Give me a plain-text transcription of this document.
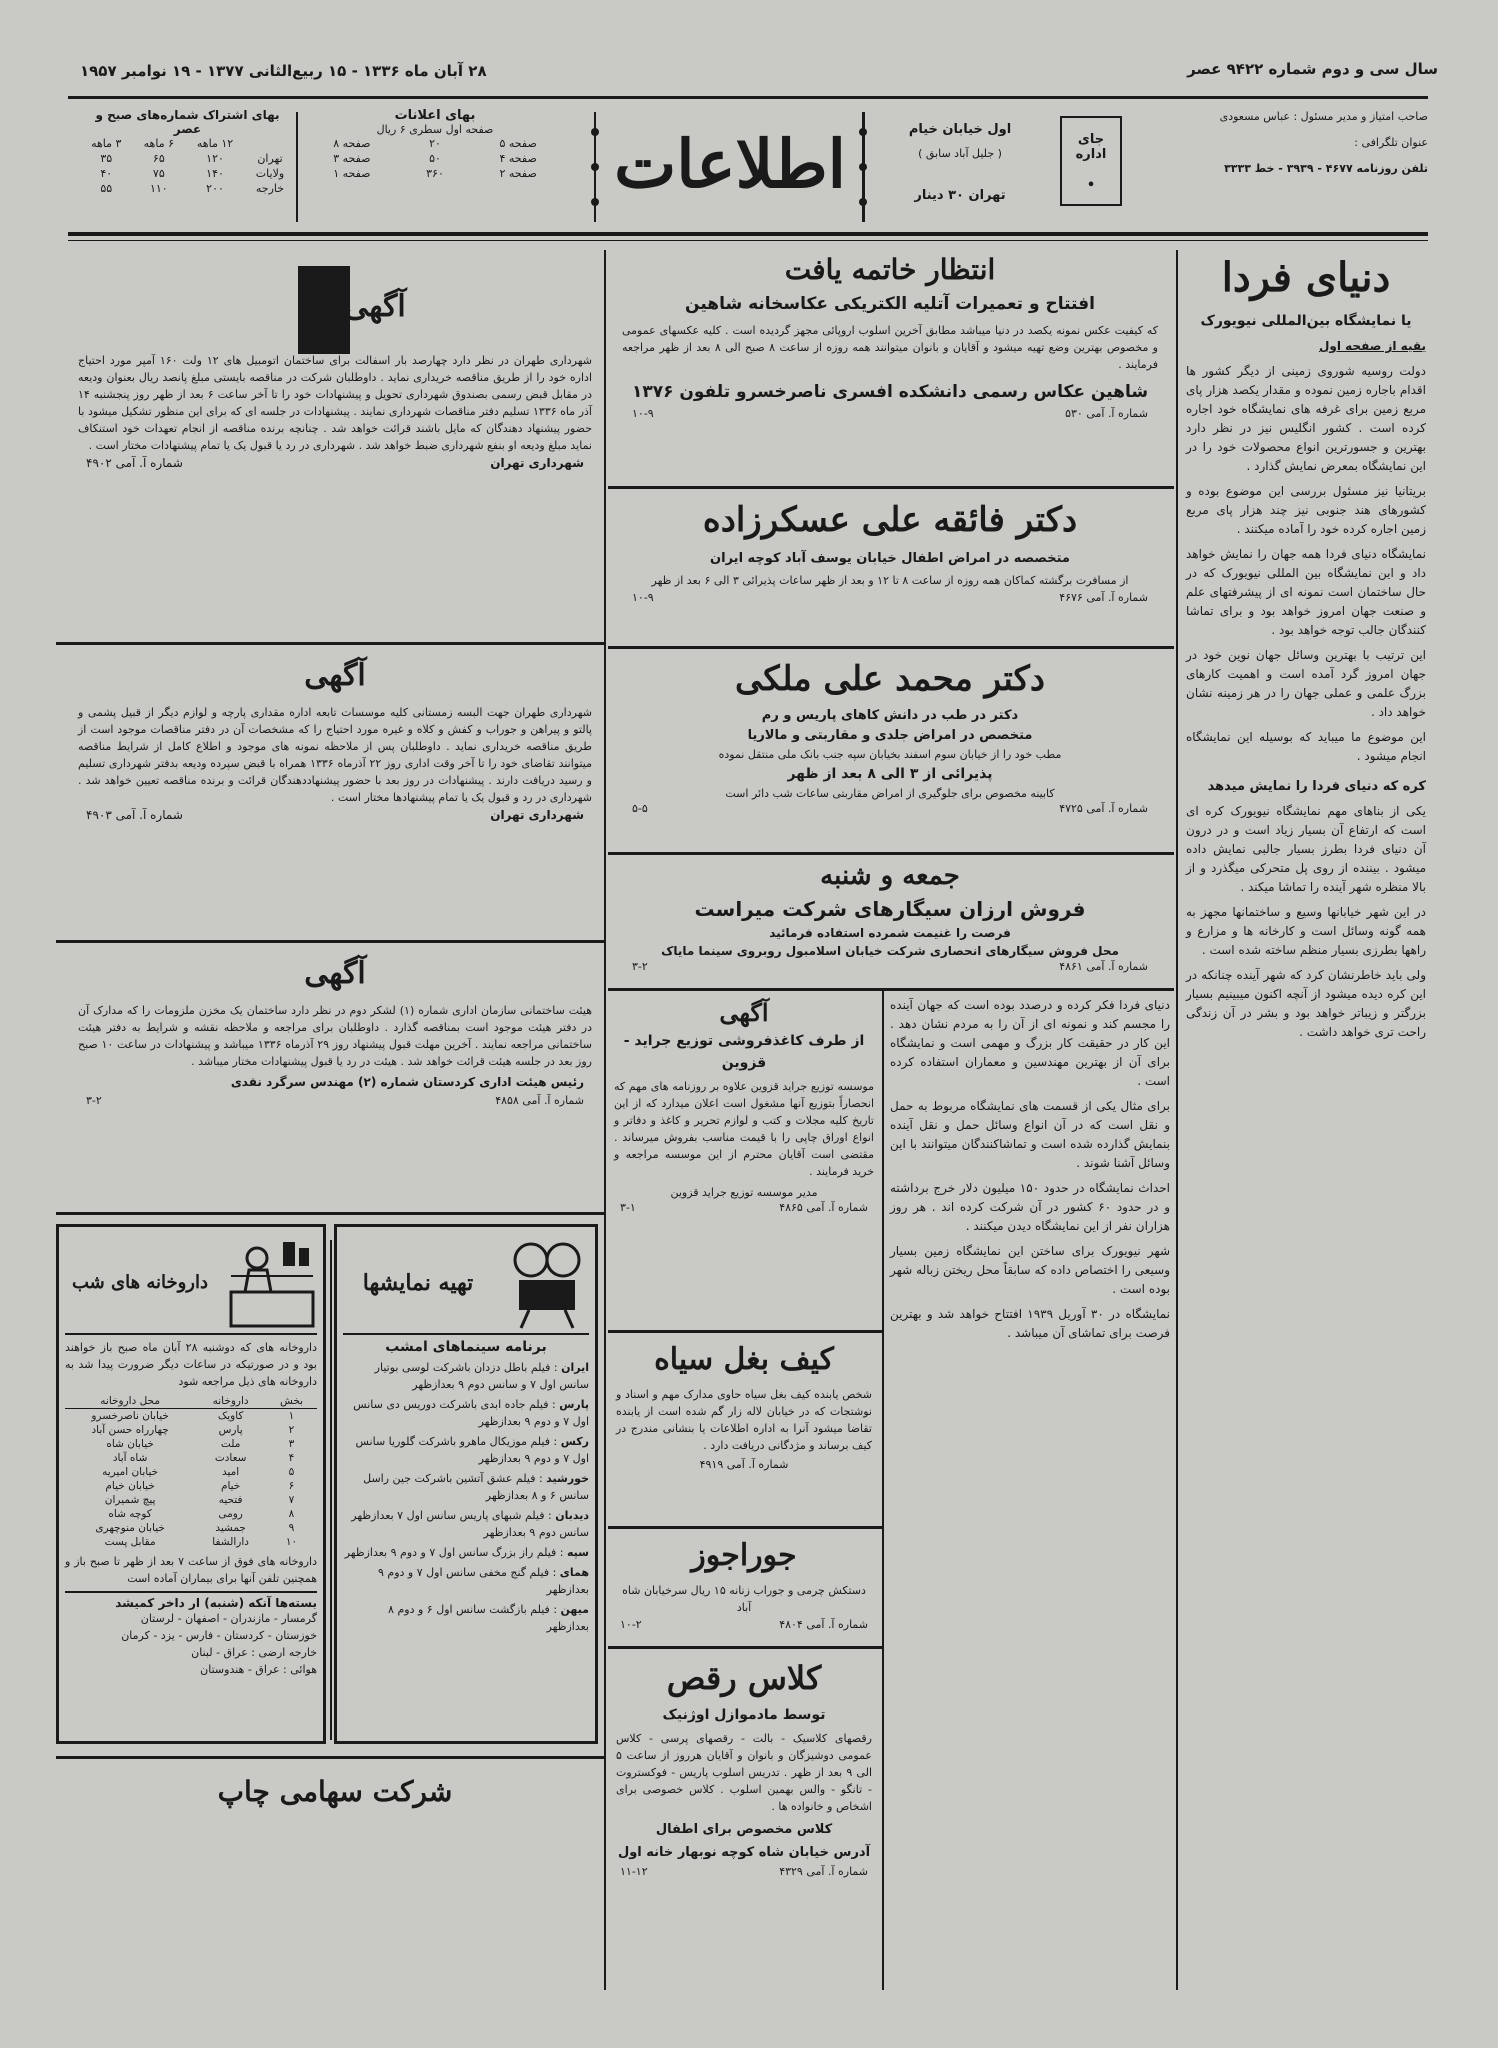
۲۸ آبان ماه ۱۳۳۶ - ۱۵ ربیع‌الثانی ۱۳۷۷ - ۱۹ نوامبر ۱۹۵۷	سال سی و دوم شماره ۹۴۲۲ عصر
صاحب امتیاز و مدیر مسئول : عباس مسعودی
عنوان تلگرافی :
تلفن روزنامه ۴۶۷۷ - ۳۹۳۹ - خط ۳۳۳۳
جای اداره
•
اول خیابان خیام
( جلیل آباد سابق )
تهران ۳۰ دینار
اطلاعات
بهای اعلانات
صفحه اول سطری ۶ ریال
صفحه ۵	۲۰	صفحه ۸
صفحه ۴	۵۰	صفحه ۳
صفحه ۲	۳۶۰	صفحه ۱
بهای اشتراک شماره‌های صبح و عصر
	۱۲ ماهه	۶ ماهه	۳ ماهه
تهران	۱۲۰	۶۵	۳۵
ولایات	۱۴۰	۷۵	۴۰
خارجه	۲۰۰	۱۱۰	۵۵
دنیای فردا
یا نمایشگاه بین‌المللی نیویورک
بقیه از صفحه اول

دولت روسیه شوروی زمینی از دیگر کشور ها اقدام باجاره زمین نموده و مقدار یکصد هزار پای مربع زمین برای غرفه های نمایشگاه خود اجاره کرده است . کشور انگلیس نیز در نظر دارد بهترین و جسورترین انواع محصولات خود را در این نمایشگاه بمعرض نمایش گذارد .

بریتانیا نیز مسئول بررسی این موضوع بوده و کشورهای هند جنوبی نیز چند هزار پای مربع زمین اجاره کرده خود را آماده میکنند .

نمایشگاه دنیای فردا همه جهان را نمایش خواهد داد و این نمایشگاه بین المللی نیویورک که در حال ساختمان است نمونه ای از پیشرفتهای علم و صنعت جهان امروز خواهد بود و برای تماشا کنندگان جالب توجه خواهد بود .

این ترتیب با بهترین وسائل جهان نوین خود در جهان امروز گرد آمده است و اهمیت کارهای بزرگ علمی و عملی جهان را در هر زمینه نشان خواهد داد .

این موضوع ما میباید که بوسیله این نمایشگاه انجام میشود .

کره که دنیای فردا را نمایش میدهد

یکی از بناهای مهم نمایشگاه نیویورک کره ای است که ارتفاع آن بسیار زیاد است و در درون آن دنیای فردا بطرز بسیار جالبی نمایش داده میشود . بیننده از روی پل متحرکی میگذرد و از بالا منظره شهر آینده را تماشا میکند .

در این شهر خیابانها وسیع و ساختمانها مجهز به همه گونه وسائل است و کارخانه ها و مزارع و راهها بطرزی بسیار منظم ساخته شده است .

ولی باید خاطرنشان کرد که شهر آینده چنانکه در این کره دیده میشود از آنچه اکنون میبینیم بسیار بزرگتر و زیباتر خواهد بود و بشر در آن زندگی راحت تری خواهد داشت .

انتظار خاتمه یافت
افتتاح و تعمیرات آتلیه الکتریکی عکاسخانه شاهین

که کیفیت عکس نمونه یکصد در دنیا میباشد مطابق آخرین اسلوب اروپائی مجهز گردیده است . کلیه عکسهای عمومی و مخصوص بهترین وضع تهیه میشود و آقایان و بانوان میتوانند همه روزه از ساعت ۸ صبح الی ۸ بعد از ظهر مراجعه فرمایند .

شاهین عکاس رسمی دانشکده افسری ناصرخسرو تلفون ۱۳۷۶
شماره آ. آمی ۵۳۰
۱۰-۹
دکتر فائقه علی عسکرزاده
متخصصه در امراض اطفال خیابان یوسف آباد کوچه ایران

از مسافرت برگشته کماکان همه روزه از ساعت ۸ تا ۱۲ و بعد از ظهر ساعات پذیرائی ۳ الی ۶ بعد از ظهر

شماره آ. آمی ۴۶۷۶
۱۰-۹
دکتر محمد علی ملکی
دکتر در طب در دانش کاهای پاریس و رم
متخصص در امراض جلدی و مقاربتی و مالاریا
مطب خود را از خیابان سوم اسفند بخیابان سپه جنب بانک ملی منتقل نموده
پذیرائی از ۳ الی ۸ بعد از ظهر
کابینه مخصوص برای جلوگیری از امراض مقاربتی ساعات شب دائر است
شماره آ. آمی ۴۷۲۵
۵-۵
جمعه و شنبه
فروش ارزان سیگارهای شرکت میراست
فرصت را غنیمت شمرده استفاده فرمائید
محل فروش سیگارهای انحصاری شرکت خیابان اسلامبول روبروی سینما مایاک
شماره آ. آمی ۴۸۶۱
۳-۲

دنیای فردا فکر کرده و درصدد بوده است که جهان آینده را مجسم کند و نمونه ای از آن را به مردم نشان دهد . این کار در حقیقت کار بزرگ و مهمی است و نمایشگاه برای آن از بهترین مهندسین و معماران استفاده کرده است .

برای مثال یکی از قسمت های نمایشگاه مربوط به حمل و نقل است که در آن انواع وسائل حمل و نقل آینده بنمایش گذارده شده است و تماشاکنندگان میتوانند با این وسائل آشنا شوند .

احداث نمایشگاه در حدود ۱۵۰ میلیون دلار خرج برداشته و در حدود ۶۰ کشور در آن شرکت کرده اند . هر روز هزاران نفر از این نمایشگاه دیدن میکنند .

شهر نیویورک برای ساختن این نمایشگاه زمین بسیار وسیعی را اختصاص داده که سابقاً محل ریختن زباله شهر بوده است .

نمایشگاه در ۳۰ آوریل ۱۹۳۹ افتتاح خواهد شد و بهترین فرصت برای تماشای آن میباشد .

آگهی
از طرف کاغذفروشی توزیع جراید - قزوین

موسسه توزیع جراید قزوین علاوه بر روزنامه های مهم که انحصاراً بتوزیع آنها مشغول است اعلان میدارد که از این تاریخ کلیه مجلات و کتب و لوازم تحریر و کاغذ و دفاتر و انواع اوراق چاپی را با قیمت مناسب بفروش میرساند . مقتضی است آقایان محترم از این موسسه مراجعه و خرید فرمایند .

مدیر موسسه توزیع جراید قزوین
شماره آ. آمی ۴۸۶۵
۳-۱
کیف بغل سیاه

شخص یابنده کیف بغل سیاه حاوی مدارک مهم و اسناد و نوشتجات که در خیابان لاله زار گم شده است از یابنده تقاضا میشود آنرا به اداره اطلاعات یا بنشانی مندرج در کیف برساند و مژدگانی دریافت دارد .

شماره آ. آمی ۴۹۱۹
جوراجوز

دستکش چرمی و جوراب زنانه ۱۵ ریال سرخیابان شاه آباد

شماره آ. آمی ۴۸۰۴
۱۰-۲
کلاس رقص
توسط مادموازل اوژنیک

رقصهای کلاسیک - بالت - رقصهای پرسی - کلاس عمومی دوشیزگان و بانوان و آقایان هرروز از ساعت ۵ الی ۹ بعد از ظهر . تدریس اسلوب پاریس - فوکستروت - تانگو - والس بهمین اسلوب . کلاس خصوصی برای اشخاص و خانواده ها .

کلاس مخصوص برای اطفال
آدرس خیابان شاه کوچه نوبهار خانه اول
شماره آ. آمی ۴۳۲۹
۱۱-۱۲
آگهی

شهرداری طهران در نظر دارد چهارصد بار اسفالت برای ساختمان اتومبیل های ۱۲ ولت ۱۶۰ آمپر مورد احتیاج اداره خود را از طریق مناقصه خریداری نماید . داوطلبان شرکت در مناقصه بایستی مبلغ پانصد ریال بعنوان ودیعه در مقابل قبض رسمی بصندوق شهرداری تحویل و پیشنهادات خود را تا آخر ساعت ۶ بعد از ظهر روز پنجشنبه ۱۴ آذر ماه ۱۳۳۶ تسلیم دفتر مناقصات شهرداری نمایند . پیشنهادات در جلسه ای که برای این منظور تشکیل میشود با حضور پیشنهاد دهندگان که مایل باشند قرائت خواهد شد . چنانچه برنده مناقصه از انجام تعهدات خود استنکاف نماید مبلغ ودیعه او بنفع شهرداری ضبط خواهد شد . شهرداری در رد یا قبول یک یا تمام پیشنهادات مختار است .

شهرداری تهران
شماره آ. آمی ۴۹۰۲
آگهی

شهرداری طهران جهت البسه زمستانی کلیه موسسات تابعه اداره مقداری پارچه و لوازم دیگر از قبیل پشمی و پالتو و پیراهن و جوراب و کفش و کلاه و غیره مورد احتیاج را که مشخصات آن در دفتر مناقصات موجود است از طریق مناقصه خریداری نماید . داوطلبان پس از ملاحظه نمونه های موجود و اطلاع کامل از شرایط مناقصه میتوانند تقاضای خود را تا آخر وقت اداری روز ۲۲ آذرماه ۱۳۳۶ همراه با قبض سپرده ودیعه بدفتر شهرداری تسلیم و رسید دریافت دارند . پیشنهادات در روز بعد با حضور پیشنهاددهندگان قرائت و برنده مناقصه تعیین خواهد شد . شهرداری در رد و قبول یک یا تمام پیشنهادها مختار است .

شهرداری تهران
شماره آ. آمی ۴۹۰۳
آگهی

هیئت ساختمانی سازمان اداری شماره (۱) لشکر دوم در نظر دارد ساختمان یک مخزن ملزومات را که مدارک آن در دفتر هیئت موجود است بمناقصه گذارد . داوطلبان برای مراجعه و ملاحظه نقشه و شرایط به دفتر هیئت ساختمانی مراجعه نمایند . آخرین مهلت قبول پیشنهاد روز ۲۹ آذرماه ۱۳۳۶ میباشد و پیشنهادات در ساعت ۱۰ صبح روز بعد در جلسه هیئت قرائت خواهد شد . هیئت در رد یا قبول پیشنهادات مختار میباشد .

رئیس هیئت اداری کردستان شماره (۲) مهندس سرگرد نقدی
شماره آ. آمی ۴۸۵۸
۳-۲
داروخانه های شب

داروخانه های که دوشنبه ۲۸ آبان ماه صبح باز خواهند بود و در صورتیکه در ساعات دیگر ضرورت پیدا شد به داروخانه های ذیل مراجعه شود

بخش	داروخانه	محل داروخانه
۱	کاویک	خیابان ناصرخسرو
۲	پارس	چهارراه حسن آباد
۳	ملت	خیابان شاه
۴	سعادت	شاه آباد
۵	امید	خیابان امیریه
۶	خیام	خیابان خیام
۷	فتحیه	پیچ شمیران
۸	رومی	کوچه شاه
۹	جمشید	خیابان منوچهری
۱۰	دارالشفا	مقابل پست

داروخانه های فوق از ساعت ۷ بعد از ظهر تا صبح باز و همچنین تلفن آنها برای بیماران آماده است

بسته‌ها آنکه (شنبه) ار داخر کمیشد
گرمسار - مازندران - اصفهان - لرستان
خوزستان - کردستان - فارس - یزد - کرمان
خارجه ارضی : عراق - لبنان
هوائی : عراق - هندوستان
تهیه نمایشها
برنامه سینماهای امشب
ایران : فیلم باطل دزدان باشرکت لوسی بوتیار سانس اول ۷ و سانس دوم ۹ بعدازظهر
پارس : فیلم جاده ابدی باشرکت دوریس دی سانس اول ۷ و دوم ۹ بعدازظهر
رکس : فیلم موزیکال ماهرو باشرکت گلوریا سانس اول ۷ و دوم ۹ بعدازظهر
خورشید : فیلم عشق آتشین باشرکت جین راسل سانس ۶ و ۸ بعدازظهر
دیدبان : فیلم شبهای پاریس سانس اول ۷ بعدازظهر سانس دوم ۹ بعدازظهر
سپه : فیلم راز بزرگ سانس اول ۷ و دوم ۹ بعدازظهر
همای : فیلم گنج مخفی سانس اول ۷ و دوم ۹ بعدازظهر
میهن : فیلم بازگشت سانس اول ۶ و دوم ۸ بعدازظهر
شرکت سهامی چاپ
